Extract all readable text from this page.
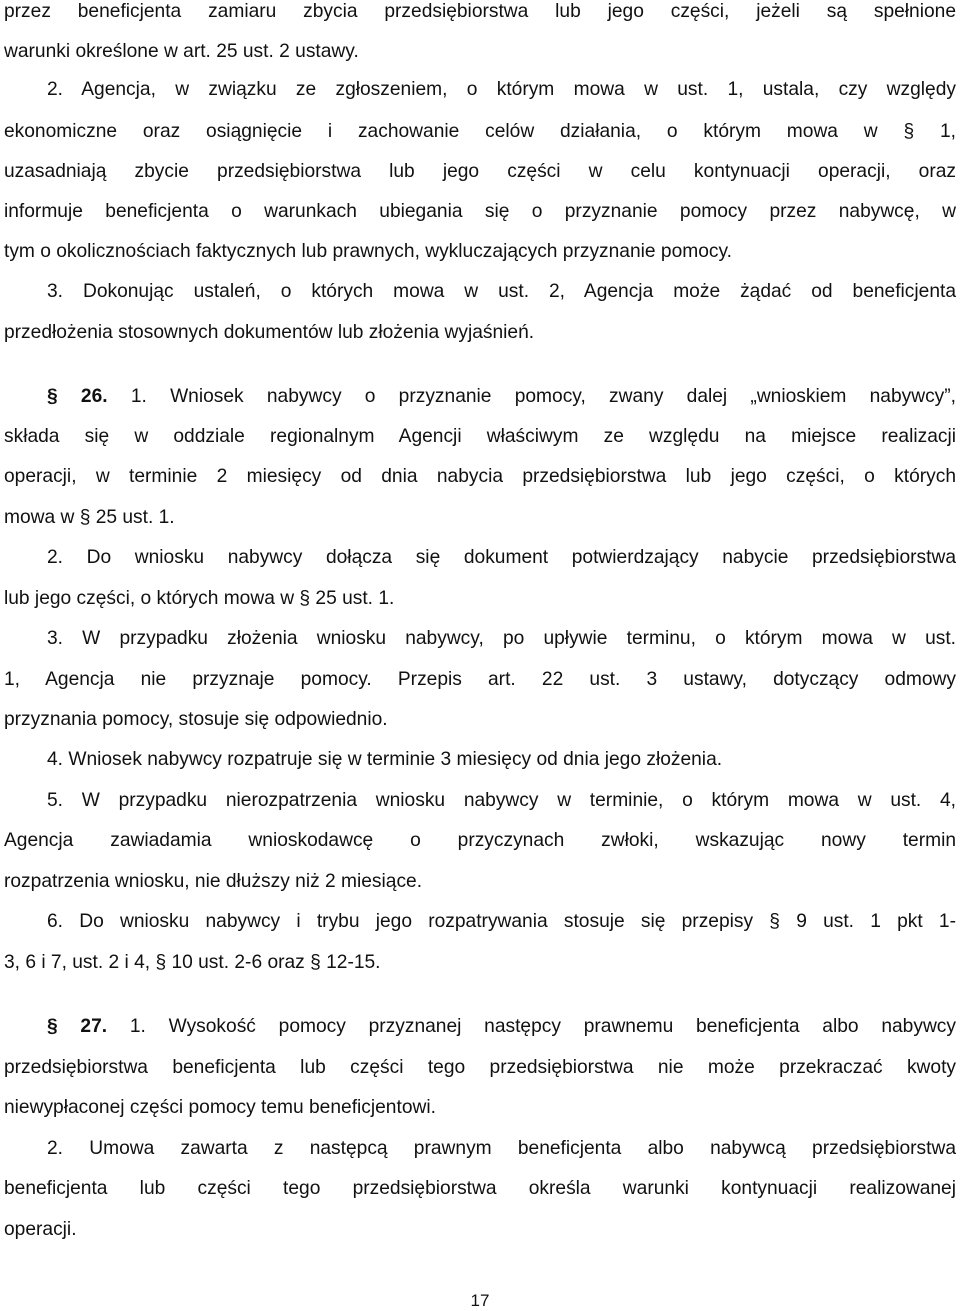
przez beneficjenta zamiaru zbycia przedsiębiorstwa lub jego części, jeżeli są spełnione
warunki określone w art. 25 ust. 2 ustawy.
2. Agencja, w związku ze zgłoszeniem, o którym mowa w ust. 1, ustala, czy względy
ekonomiczne oraz osiągnięcie i zachowanie celów działania, o którym mowa w § 1,
uzasadniają zbycie przedsiębiorstwa lub jego części w celu kontynuacji operacji, oraz
informuje beneficjenta o warunkach ubiegania się o przyznanie pomocy przez nabywcę, w
tym o okolicznościach faktycznych lub prawnych, wykluczających przyznanie pomocy.
3. Dokonując ustaleń, o których mowa w ust. 2, Agencja może żądać od beneficjenta
przedłożenia stosownych dokumentów lub złożenia wyjaśnień.
§ 26. 1. Wniosek nabywcy o przyznanie pomocy, zwany dalej „wnioskiem nabywcy”,
składa się w oddziale regionalnym Agencji właściwym ze względu na miejsce realizacji
operacji, w terminie 2 miesięcy od dnia nabycia przedsiębiorstwa lub jego części, o których
mowa w § 25 ust. 1.
2. Do wniosku nabywcy dołącza się dokument potwierdzający nabycie przedsiębiorstwa
lub jego części, o których mowa w § 25 ust. 1.
3. W przypadku złożenia wniosku nabywcy, po upływie terminu, o którym mowa w ust.
1, Agencja nie przyznaje pomocy. Przepis art. 22 ust. 3 ustawy, dotyczący odmowy
przyznania pomocy, stosuje się odpowiednio.
4. Wniosek nabywcy rozpatruje się w terminie 3 miesięcy od dnia jego złożenia.
5. W przypadku nierozpatrzenia wniosku nabywcy w terminie, o którym mowa w ust. 4,
Agencja zawiadamia wnioskodawcę o przyczynach zwłoki, wskazując nowy termin
rozpatrzenia wniosku, nie dłuższy niż 2 miesiące.
6. Do wniosku nabywcy i trybu jego rozpatrywania stosuje się przepisy § 9 ust. 1 pkt 1-
3, 6 i 7, ust. 2 i 4, § 10 ust. 2-6 oraz § 12-15.
§ 27. 1. Wysokość pomocy przyznanej następcy prawnemu beneficjenta albo nabywcy
przedsiębiorstwa beneficjenta lub części tego przedsiębiorstwa nie może przekraczać kwoty
niewypłaconej części pomocy temu beneficjentowi.
2. Umowa zawarta z następcą prawnym beneficjenta albo nabywcą przedsiębiorstwa
beneficjenta lub części tego przedsiębiorstwa określa warunki kontynuacji realizowanej
operacji.
17
